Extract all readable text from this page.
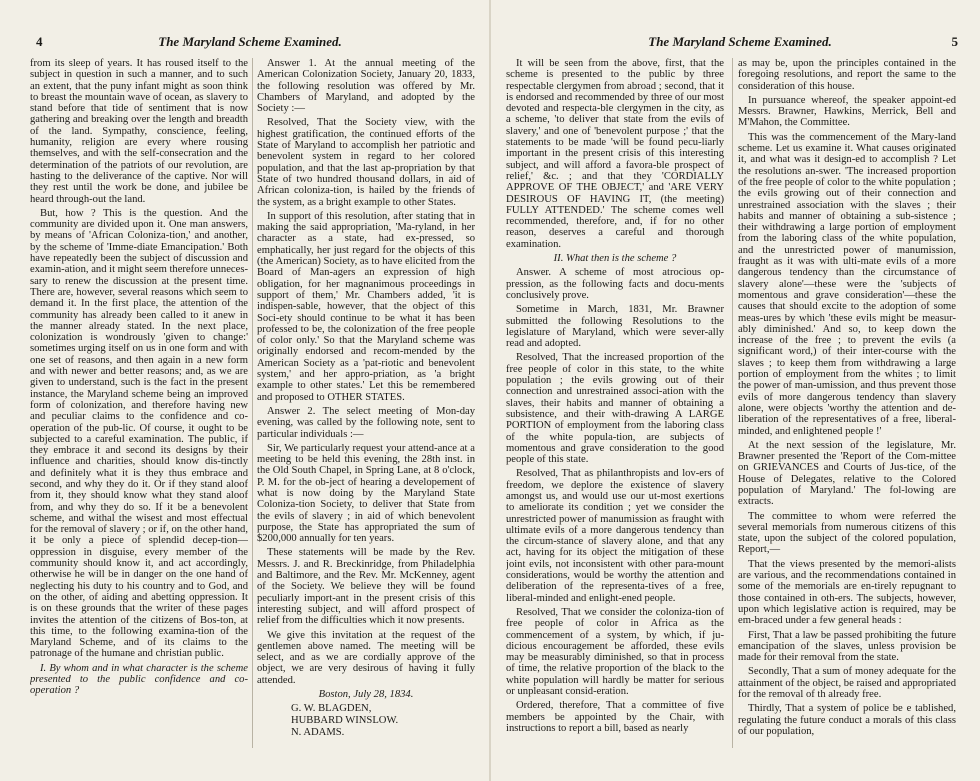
4	The Maryland Scheme Examined.

from its sleep of years. It has roused itself to the subject in question in such a manner, and to such an extent, that the puny infant might as soon think to breast the mountain wave of ocean, as slavery to stand before that tide of sentiment that is now gathering and breaking over the length and breadth of the land. Sympathy, conscience, feeling, humanity, religion are every where rousing themselves, and with the self-consecration and the determination of the patriots of our revolution, are hasting to the deliverance of the captive. Nor will they rest until the work be done, and jubilee be heard through-out the land.

But, how ? This is the question. And the community are divided upon it. One man answers, by means of 'African Coloniza-tion,' and another, by the scheme of 'Imme-diate Emancipation.' Both have repeatedly been the subject of discussion and examin-ation, and it might seem therefore unneces-sary to renew the discussion at the present time. There are, however, several reasons which seem to demand it. In the first place, the attention of the community has already been called to it anew in the manner already stated. In the next place, colonization is wondrously 'given to change:' sometimes urging itself on us in one form and with one set of reasons, and then again in a new form and with newer and better reasons; and, as we are given to understand, such is the fact in the present instance, the Maryland scheme being an improved form of colonization, and therefore having new and peculiar claims to the confidence and co-operation of the pub-lic. Of course, it ought to be subjected to a careful examination. The public, if they embrace it and second its designs by their influence and charities, should know dis-tinctly and definitely what it is they thus embrace and second, and why they do it. Or if they stand aloof from it, they should know what they stand aloof from, and why they do so. If it be a benevolent scheme, and withal the wisest and most effectual for the removal of slavery ; or if, on the other hand, it be only a piece of splendid decep-tion—oppression in disguise, every member of the community should know it, and act accordingly, otherwise he will be in danger on the one hand of neglecting his duty to his country and to God, and on the other, of aiding and abetting oppression. It is on these grounds that the writer of these pages invites the attention of the citizens of Bos-ton, at this time, to the following examina-tion of the Maryland Scheme, and of its claims to the patronage of the humane and christian public.

I. By whom and in what character is the scheme presented to the public confidence and co-operation ?

Answer 1. At the annual meeting of the American Colonization Society, January 20, 1833, the following resolution was offered by Mr. Chambers of Maryland, and adopted by the Society :—

Resolved, That the Society view, with the highest gratification, the continued efforts of the State of Maryland to accomplish her patriotic and benevolent system in regard to her colored population, and that the last ap-propriation by that State of two hundred thousand dollars, in aid of African coloniza-tion, is hailed by the friends of the system, as a bright example to other States.

In support of this resolution, after stating that in making the said appropriation, 'Ma-ryland, in her character as a state, had ex-pressed, so emphatically, her just regard for the objects of this (the American) Society, as to have elicited from the Board of Man-agers an expression of high obligation, for her magnanimous proceedings in support of them,' Mr. Chambers added, 'it is indispen-sable, however, that the object of this Soci-ety should continue to be what it has been professed to be, the colonization of the free people of color only.' So that the Maryland scheme was originally endorsed and recom-mended by the American Society as a 'pat-riotic and benevolent system,' and her appro-priation, as 'a bright example to other states.' Let this be remembered and proposed to OTHER STATES.

Answer 2. The select meeting of Mon-day evening, was called by the following note, sent to particular individuals :—

Sir, We particularly request your attend-ance at a meeting to be held this evening, the 28th inst. in the Old South Chapel, in Spring Lane, at 8 o'clock, P. M. for the ob-ject of hearing a developement of what is now doing by the Maryland State Coloniza-tion Society, to deliver that State from the evils of slavery ; in aid of which benevolent purpose, the State has appropriated the sum of $200,000 annually for ten years.

These statements will be made by the Rev. Messrs. J. and R. Breckinridge, from Philadelphia and Baltimore, and the Rev. Mr. McKenney, agent of the Society. We believe they will be found peculiarly import-ant in the present crisis of this interesting subject, and will afford prospect of relief from the difficulties which it now presents.

We give this invitation at the request of the gentlemen above named. The meeting will be select, and as we are cordially approve of the object, we are very desirous of having it fully attended.

Boston, July 28, 1834.

G. W. BLAGDEN,
HUBBARD WINSLOW.
N. ADAMS.

The Maryland Scheme Examined.	5

It will be seen from the above, first, that the scheme is presented to the public by three respectable clergymen from abroad ; second, that it is endorsed and recommended by three of our most devoted and respecta-ble clergymen in the city, as a scheme, 'to deliver that state from the evils of slavery,' and one of 'benevolent purpose ;' that the statements to be made 'will be found pecu-liarly important in the present crisis of this interesting subject, and will afford a favora-ble prospect of relief,' &c. ; and that they 'CORDIALLY APPROVE OF THE OBJECT,' and 'ARE VERY DESIROUS OF HAVING IT, (the meeting) FULLY ATTENDED.' The scheme comes well recommended, therefore, and, if for no other reason, deserves a careful and thorough examination.

II. What then is the scheme ?

Answer. A scheme of most atrocious op-pression, as the following facts and docu-ments conclusively prove.

Sometime in March, 1831, Mr. Brawner submitted the following Resolutions to the legislature of Maryland, which were sever-ally read and adopted.

Resolved, That the increased proportion of the free people of color in this state, to the white population ; the evils growing out of their connection and unrestrained associ-ation with the slaves, their habits and manner of obtaining a subsistence, and their with-drawing A LARGE PORTION of employment from the laboring class of the white popula-tion, are subjects of momentous and grave consideration to the good people of this state.

Resolved, That as philanthropists and lov-ers of freedom, we deplore the existence of slavery amongst us, and would use our ut-most exertions to ameliorate its condition ; yet we consider the unrestricted power of manumission as fraught with ultimate evils of a more dangerous tendency than the circum-stance of slavery alone, and that any act, having for its object the mitigation of these joint evils, not inconsistent with other para-mount considerations, would be worthy the attention and deliberation of the representa-tives of a free, liberal-minded and enlight-ened people.

Resolved, That we consider the coloniza-tion of free people of color in Africa as the commencement of a system, by which, if ju-dicious encouragement be afforded, these evils may be measurably diminished, so that in process of time, the relative proportion of the black to the white population will hardly be matter for serious or unpleasant consid-eration.

Ordered, therefore, That a committee of five members be appointed by the Chair, with instructions to report a bill, based as nearly

as may be, upon the principles contained in the foregoing resolutions, and report the same to the consideration of this house.

In pursuance whereof, the speaker appoint-ed Messrs. Brawner, Hawkins, Merrick, Bell and M'Mahon, the Committee.

This was the commencement of the Mary-land scheme. Let us examine it. What causes originated it, and what was it design-ed to accomplish ? Let the resolutions an-swer. 'The increased proportion of the free people of color to the white population ; the evils growing out of their connection and unrestrained association with the slaves ; their habits and manner of obtaining a sub-sistence ; their withdrawing a large portion of employment from the laboring class of the white population, and the unrestricted power of manumission, fraught as it was with ulti-mate evils of a more dangerous tendency than the circumstance of slavery alone'—these were the 'subjects of momentous and grave consideration'—these the causes that should excite to the adoption of some meas-ures by which 'these evils might be measur-ably diminished.' And so, to keep down the increase of the free ; to prevent the evils (a significant word,) of their inter-course with the slaves ; to keep them from withdrawing a large portion of employment from the whites ; to limit the power of man-umission, and thus prevent those evils of more dangerous tendency than slavery alone, were objects 'worthy the attention and de-liberation of the representatives of a free, liberal-minded, and enlightened people !'

At the next session of the legislature, Mr. Brawner presented the 'Report of the Com-mittee on GRIEVANCES and Courts of Jus-tice, of the House of Delegates, relative to the Colored population of Maryland.' The fol-lowing are extracts.

The committee to whom were referred the several memorials from numerous citizens of this state, upon the subject of the colored population, Report,—

That the views presented by the memori-alists are various, and the recommendations contained in some of the memorials are en-tirely repugnant to those contained in oth-ers. The subjects, however, upon which legislative action is required, may be em-braced under a few general heads :

First, That a law be passed prohibiting the future emancipation of the slaves, unless provision be made for their removal from the state.

Secondly, That a sum of money adequate for the attainment of the object, be raised and appropriated for the removal of th already free.

Thirdly, That a system of police be e tablished, regulating the future conduct a morals of this class of our population,
